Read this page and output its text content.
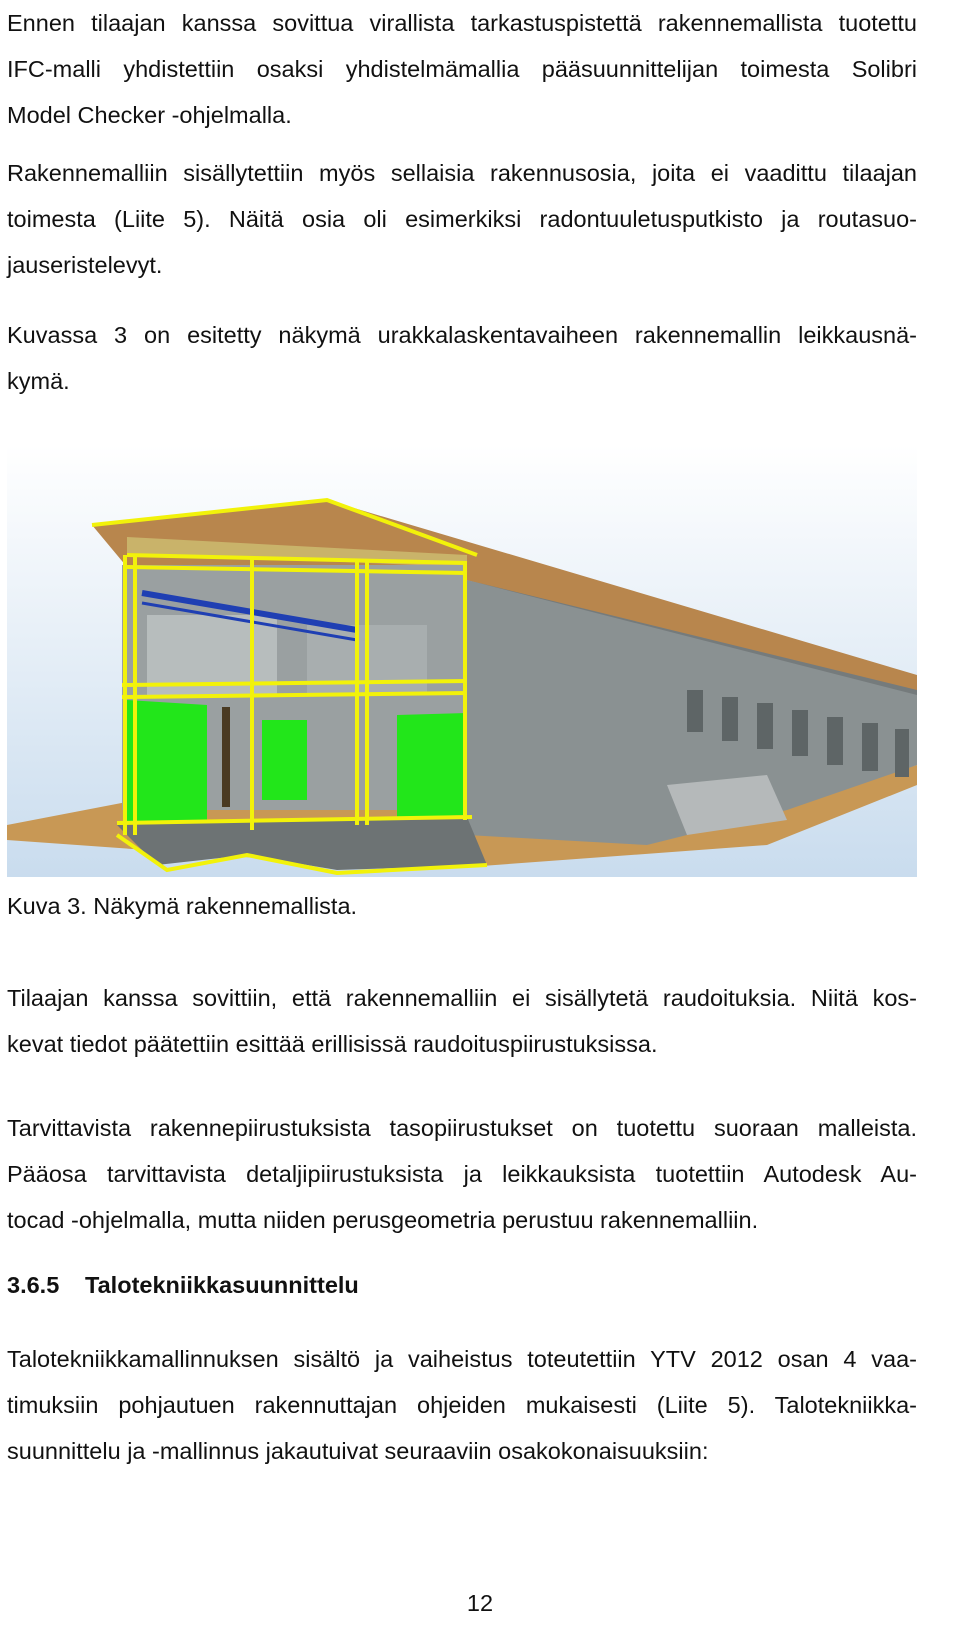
Ennen tilaajan kanssa sovittua virallista tarkastuspistettä rakennemallista tuotettu
IFC-malli yhdistettiin osaksi yhdistelmämallia pääsuunnittelijan toimesta Solibri
Model Checker -ohjelmalla.
Rakennemalliin sisällytettiin myös sellaisia rakennusosia, joita ei vaadittu tilaajan
toimesta (Liite 5). Näitä osia oli esimerkiksi radontuuletusputkisto ja routasuo-
jauseristelevyt.
Kuvassa 3 on esitetty näkymä urakkalaskentavaiheen rakennemallin leikkausnä-
kymä.

Kuva 3. Näkymä rakennemallista.

Tilaajan kanssa sovittiin, että rakennemalliin ei sisällytetä raudoituksia. Niitä kos-
kevat tiedot päätettiin esittää erillisissä raudoituspiirustuksissa.
Tarvittavista rakennepiirustuksista tasopiirustukset on tuotettu suoraan malleista.
Pääosa tarvittavista detaljipiirustuksista ja leikkauksista tuotettiin Autodesk Au-
tocad -ohjelmalla, mutta niiden perusgeometria perustuu rakennemalliin.
3.6.5 Talotekniikkasuunnittelu
Talotekniikkamallinnuksen sisältö ja vaiheistus toteutettiin YTV 2012 osan 4 vaa-
timuksiin pohjautuen rakennuttajan ohjeiden mukaisesti (Liite 5). Talotekniikka-
suunnittelu ja -mallinnus jakautuivat seuraaviin osakokonaisuuksiin:
12
